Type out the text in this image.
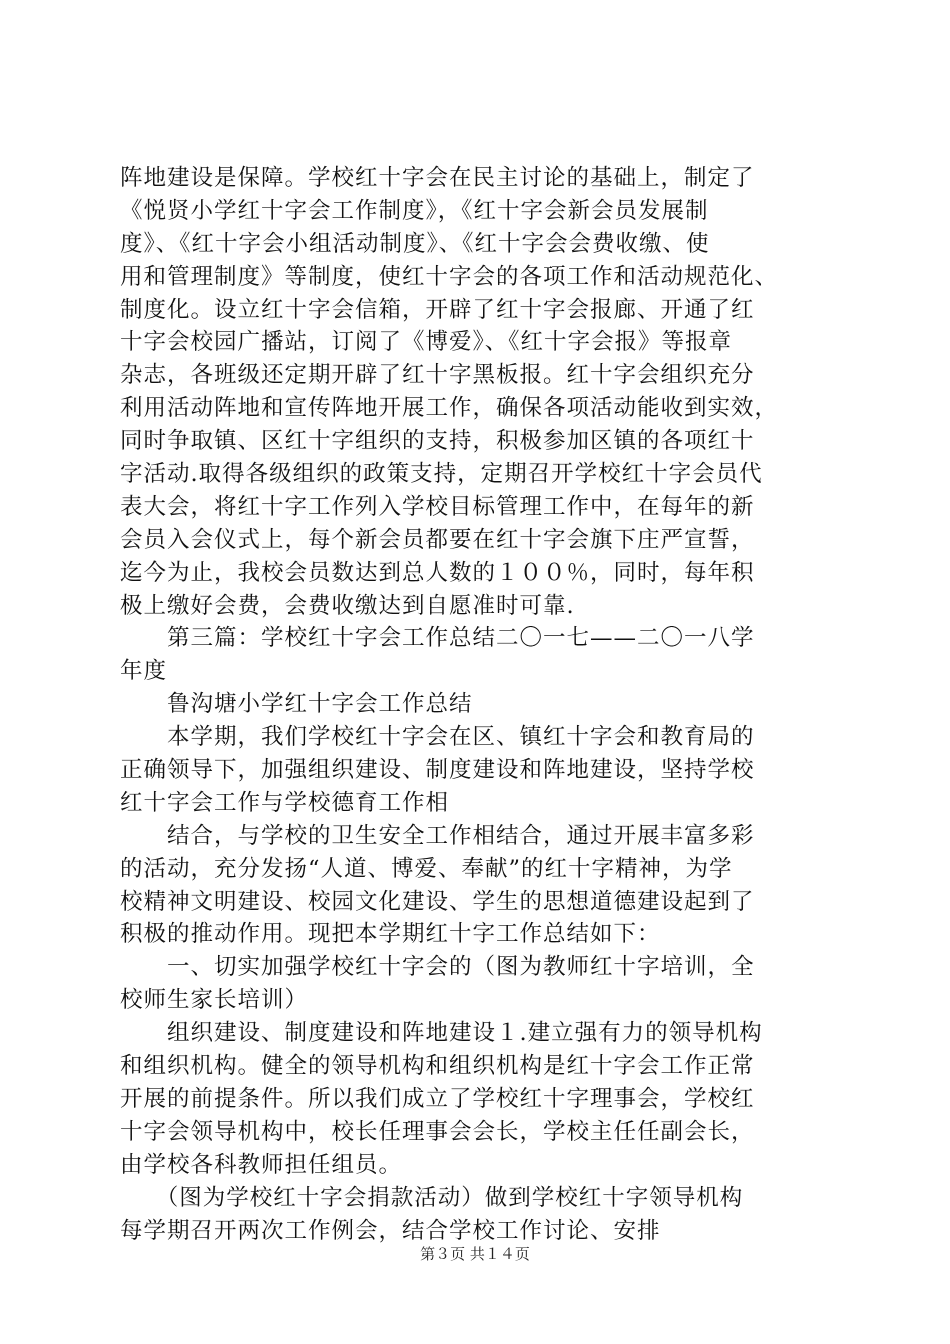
阵地建设是保障。学校红十字会在民主讨论的基础上，制定了
《悦贤小学红十字会工作制度》，《红十字会新会员发展制
度》、《红十字会小组活动制度》、《红十字会会费收缴、使
用和管理制度》等制度，使红十字会的各项工作和活动规范化、
制度化。设立红十字会信箱，开辟了红十字会报廊、开通了红
十字会校园广播站，订阅了《博爱》、《红十字会报》等报章
杂志，各班级还定期开辟了红十字黑板报。红十字会组织充分
利用活动阵地和宣传阵地开展工作，确保各项活动能收到实效，
同时争取镇、区红十字组织的支持，积极参加区镇的各项红十
字活动.取得各级组织的政策支持，定期召开学校红十字会员代
表大会，将红十字工作列入学校目标管理工作中，在每年的新
会员入会仪式上，每个新会员都要在红十字会旗下庄严宣誓，
迄今为止，我校会员数达到总人数的１００％，同时，每年积
极上缴好会费，会费收缴达到自愿准时可靠.
　　第三篇：学校红十字会工作总结二〇一七——二〇一八学
年度
　　鲁沟塘小学红十字会工作总结
　　本学期，我们学校红十字会在区、镇红十字会和教育局的
正确领导下，加强组织建设、制度建设和阵地建设，坚持学校
红十字会工作与学校德育工作相
　　结合，与学校的卫生安全工作相结合，通过开展丰富多彩
的活动，充分发扬“人道、博爱、奉献”的红十字精神，为学
校精神文明建设、校园文化建设、学生的思想道德建设起到了
积极的推动作用。现把本学期红十字工作总结如下：
　　一、切实加强学校红十字会的（图为教师红十字培训，全
校师生家长培训）
　　组织建设、制度建设和阵地建设１.建立强有力的领导机构
和组织机构。健全的领导机构和组织机构是红十字会工作正常
开展的前提条件。所以我们成立了学校红十字理事会，学校红
十字会领导机构中，校长任理事会会长，学校主任任副会长，
由学校各科教师担任组员。
　　（图为学校红十字会捐款活动）做到学校红十字领导机构
每学期召开两次工作例会，结合学校工作讨论、安排
第３页 共１４页
